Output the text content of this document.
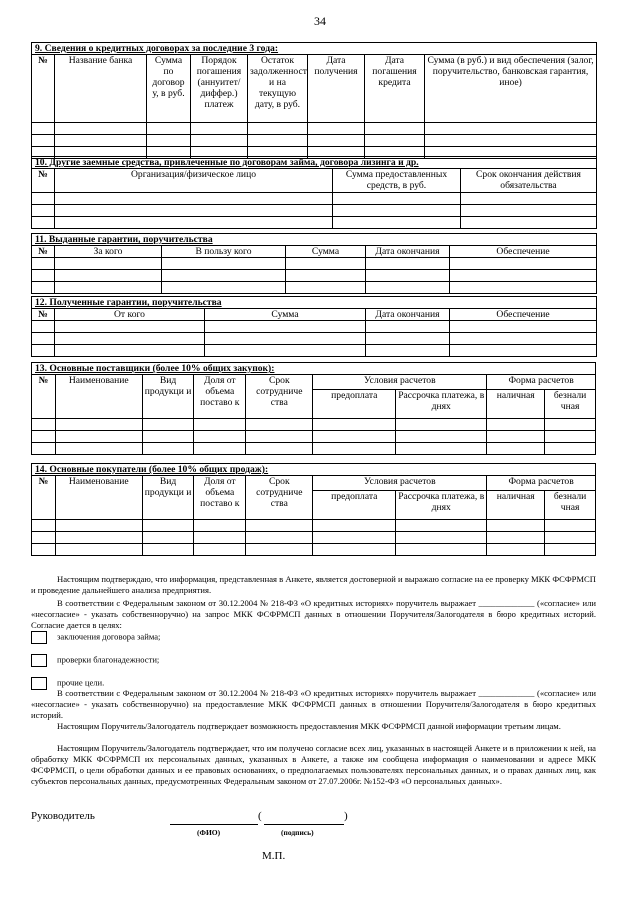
34
9. Сведения о кредитных договорах за последние 3 года:							
№	Название банка	Сумма по договор у, в руб.	Порядок погашения (аннуитет/ диффер.) платеж	Остаток задолженност и на текущую дату, в руб.	Дата получения	Дата погашения кредита	Сумма (в руб.) и вид обеспечения (залог, поручительство, банковская гарантия, иное)

10. Другие заемные средства, привлеченные по договорам займа, договора лизинга и др.			
№	Организация/физическое лицо	Сумма предоставленных средств, в руб.	Срок окончания действия обязательства

11. Выданные гарантии, поручительства					
№	За кого	В пользу кого	Сумма	Дата окончания	Обеспечение

12. Полученные гарантии, поручительства				
№	От кого	Сумма	Дата окончания	Обеспечение

13. Основные поставщики (более 10% общих закупок):								
№	Наименование	Вид продукци и	Доля от объема поставо к	Срок сотрудниче ства	Условия расчетов		Форма расчетов	
					предоплата	Рассрочка платежа, в днях	наличная	безнали чная

14. Основные покупатели (более 10% общих продаж):								
№	Наименование	Вид продукци и	Доля от объема поставо к	Срок сотрудниче ства	Условия расчетов		Форма расчетов	
					предоплата	Рассрочка платежа, в днях	наличная	безнали чная

Настоящим подтверждаю, что информация, представленная в Анкете, является достоверной и выражаю согласие на ее проверку МКК ФСФРМСП и проведение дальнейшего анализа предприятия.
В соответствии с Федеральным законом от 30.12.2004 № 218-ФЗ «О кредитных историях» поручитель выражает _____________ («согласие» или «несогласие» - указать собственноручно) на запрос МКК ФСФРМСП данных в отношении Поручителя/Залогодателя в бюро кредитных историй. Согласие дается в целях:
заключения договора займа;
проверки благонадежности;
прочие цели.
В соответствии с Федеральным законом от 30.12.2004 № 218-ФЗ «О кредитных историях» поручитель выражает _____________ («согласие» или «несогласие» - указать собственноручно) на предоставление МКК ФСФРМСП данных в отношении Поручителя/Залогодателя в бюро кредитных историй.
Настоящим Поручитель/Залогодатель подтверждает возможность предоставления МКК ФСФРМСП данной информации третьим лицам.
Настоящим Поручитель/Залогодатель подтверждает, что им получено согласие всех лиц, указанных в настоящей Анкете и в приложении к ней, на обработку МКК ФСФРМСП их персональных данных, указанных в Анкете, а также им сообщена информация о наименовании и адресе МКК ФСФРМСП, о цели обработки данных и ее правовых основаниях, о предполагаемых пользователях персональных данных, и о правах данных лиц, как субъектов персональных данных, предусмотренных Федеральным законом от 27.07.2006г. №152-ФЗ «О персональных данных».
Руководитель	(	)
(ФИО)	(подпись)
М.П.
